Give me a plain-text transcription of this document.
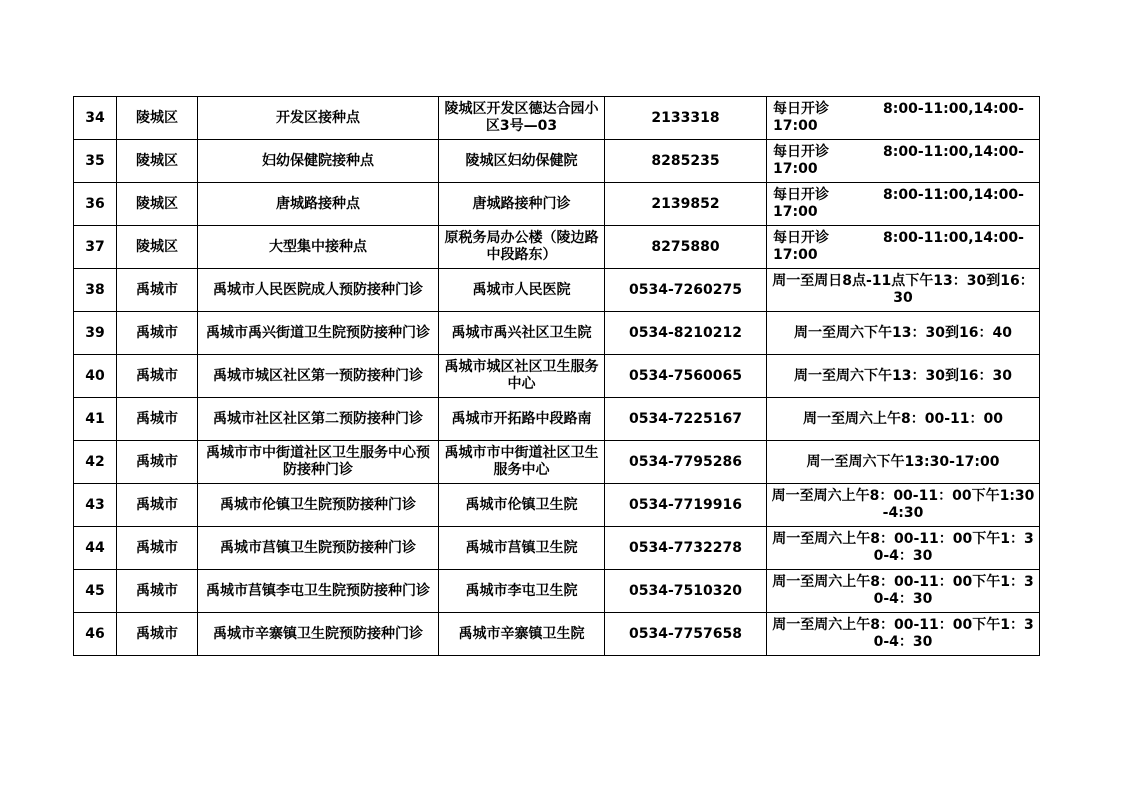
34	陵城区	开发区接种点	陵城区开发区德达合园小区3号—03	2133318	每日开诊 8:00-11:00,14:00-17:00
35	陵城区	妇幼保健院接种点	陵城区妇幼保健院	8285235	每日开诊 8:00-11:00,14:00-17:00
36	陵城区	唐城路接种点	唐城路接种门诊	2139852	每日开诊 8:00-11:00,14:00-17:00
37	陵城区	大型集中接种点	原税务局办公楼（陵边路中段路东）	8275880	每日开诊 8:00-11:00,14:00-17:00
38	禹城市	禹城市人民医院成人预防接种门诊	禹城市人民医院	0534-7260275	周一至周日8点-11点下午13：30到16：30
39	禹城市	禹城市禹兴街道卫生院预防接种门诊	禹城市禹兴社区卫生院	0534-8210212	周一至周六下午13：30到16：40
40	禹城市	禹城市城区社区第一预防接种门诊	禹城市城区社区卫生服务中心	0534-7560065	周一至周六下午13：30到16：30
41	禹城市	禹城市社区社区第二预防接种门诊	禹城市开拓路中段路南	0534-7225167	周一至周六上午8：00-11：00
42	禹城市	禹城市市中街道社区卫生服务中心预防接种门诊	禹城市市中街道社区卫生服务中心	0534-7795286	周一至周六下午13:30-17:00
43	禹城市	禹城市伦镇卫生院预防接种门诊	禹城市伦镇卫生院	0534-7719916	周一至周六上午8：00-11：00下午1:30-4:30
44	禹城市	禹城市莒镇卫生院预防接种门诊	禹城市莒镇卫生院	0534-7732278	周一至周六上午8：00-11：00下午1：30-4：30
45	禹城市	禹城市莒镇李屯卫生院预防接种门诊	禹城市李屯卫生院	0534-7510320	周一至周六上午8：00-11：00下午1：30-4：30
46	禹城市	禹城市辛寨镇卫生院预防接种门诊	禹城市辛寨镇卫生院	0534-7757658	周一至周六上午8：00-11：00下午1：30-4：30
